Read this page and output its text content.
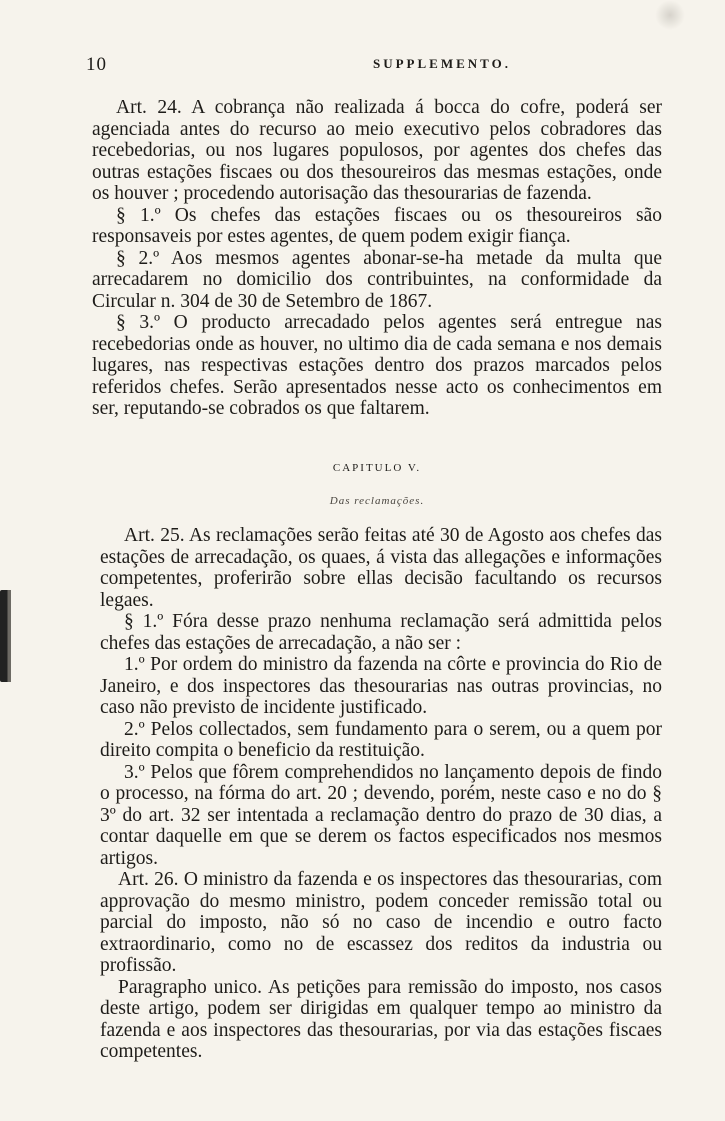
10	SUPPLEMENTO.

Art. 24. A cobrança não realizada á bocca do cofre, poderá ser agenciada antes do recurso ao meio executivo pelos cobradores das recebedorias, ou nos lugares populosos, por agentes dos chefes das outras estações fiscaes ou dos thesoureiros das mesmas estações, onde os houver ; procedendo autorisação das thesourarias de fazenda.

§ 1.º Os chefes das estações fiscaes ou os thesoureiros são responsaveis por estes agentes, de quem podem exigir fiança.

§ 2.º Aos mesmos agentes abonar-se-ha metade da multa que arrecadarem no domicilio dos contribuintes, na conformidade da Circular n. 304 de 30 de Setembro de 1867.

§ 3.º O producto arrecadado pelos agentes será entregue nas recebedorias onde as houver, no ultimo dia de cada semana e nos demais lugares, nas respectivas estações dentro dos prazos marcados pelos referidos chefes. Serão apresentados nesse acto os conhecimentos em ser, reputando-se cobrados os que faltarem.

CAPITULO V.
Das reclamações.

Art. 25. As reclamações serão feitas até 30 de Agosto aos chefes das estações de arrecadação, os quaes, á vista das allegações e informações competentes, proferirão sobre ellas decisão facultando os recursos legaes.

§ 1.º Fóra desse prazo nenhuma reclamação será admittida pelos chefes das estações de arrecadação, a não ser :

1.º Por ordem do ministro da fazenda na côrte e provincia do Rio de Janeiro, e dos inspectores das thesourarias nas outras provincias, no caso não previsto de incidente justificado.

2.º Pelos collectados, sem fundamento para o serem, ou a quem por direito compita o beneficio da restituição.

3.º Pelos que fôrem comprehendidos no lançamento depois de findo o processo, na fórma do art. 20 ; devendo, porém, neste caso e no do § 3º do art. 32 ser intentada a reclamação dentro do prazo de 30 dias, a contar daquelle em que se derem os factos especificados nos mesmos artigos.

Art. 26. O ministro da fazenda e os inspectores das thesourarias, com approvação do mesmo ministro, podem conceder remissão total ou parcial do imposto, não só no caso de incendio e outro facto extraordinario, como no de escassez dos reditos da industria ou profissão.

Paragrapho unico. As petições para remissão do imposto, nos casos deste artigo, podem ser dirigidas em qualquer tempo ao ministro da fazenda e aos inspectores das thesourarias, por via das estações fiscaes competentes.
